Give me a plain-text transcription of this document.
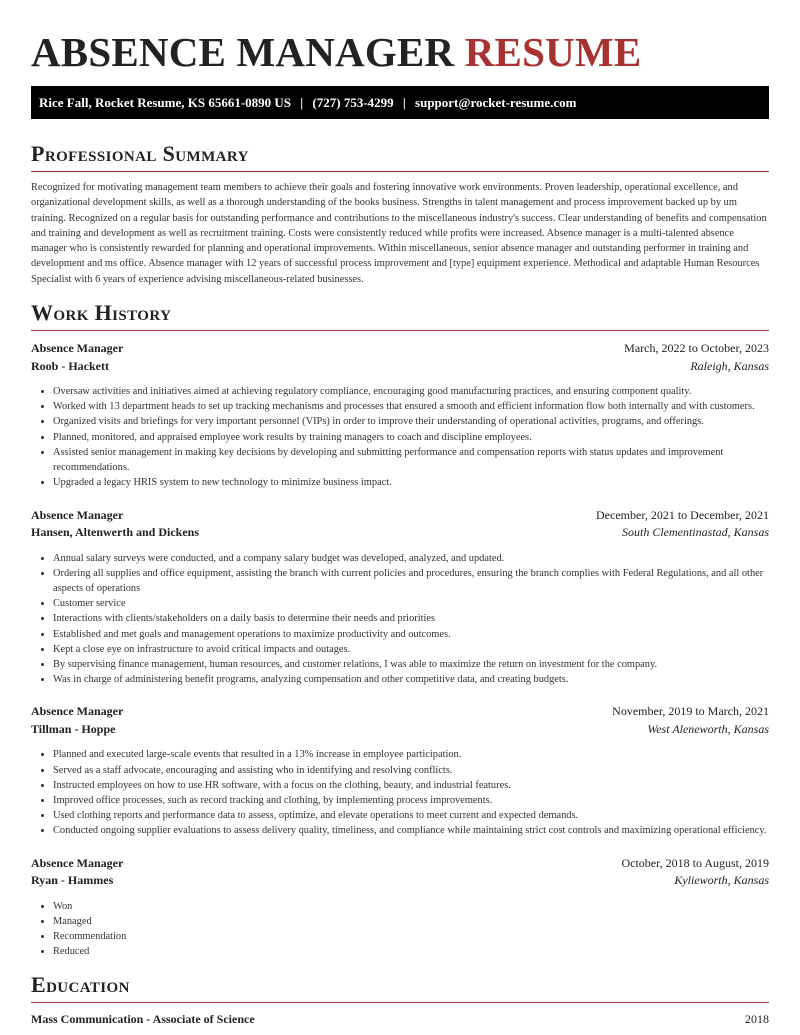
ABSENCE MANAGER RESUME
Rice Fall, Rocket Resume, KS 65661-0890 US | (727) 753-4299 | support@rocket-resume.com
Professional Summary

Recognized for motivating management team members to achieve their goals and fostering innovative work environments. Proven leadership, operational excellence, and organizational development skills, as well as a thorough understanding of the books business. Strengths in talent management and process improvement backed up by um training. Recognized on a regular basis for outstanding performance and contributions to the miscellaneous industry's success. Clear understanding of benefits and compensation and training and development as well as recruitment training. Costs were consistently reduced while profits were increased. Absence manager is a multi-talented absence manager who is consistently rewarded for planning and operational improvements. Within miscellaneous, senior absence manager and outstanding performer in training and development and ms office. Absence manager with 12 years of successful process improvement and [type] equipment experience. Methodical and adaptable Human Resources Specialist with 6 years of experience advising miscellaneous-related businesses.

Work History
Absence Manager	March, 2022 to October, 2023
Roob - Hackett	Raleigh, Kansas
• Oversaw activities and initiatives aimed at achieving regulatory compliance, encouraging good manufacturing practices, and ensuring component quality.
• Worked with 13 department heads to set up tracking mechanisms and processes that ensured a smooth and efficient information flow both internally and with customers.
• Organized visits and briefings for very important personnel (VIPs) in order to improve their understanding of operational activities, programs, and offerings.
• Planned, monitored, and appraised employee work results by training managers to coach and discipline employees.
• Assisted senior management in making key decisions by developing and submitting performance and compensation reports with status updates and improvement recommendations.
• Upgraded a legacy HRIS system to new technology to minimize business impact.
Absence Manager	December, 2021 to December, 2021
Hansen, Altenwerth and Dickens	South Clementinastad, Kansas
• Annual salary surveys were conducted, and a company salary budget was developed, analyzed, and updated.
• Ordering all supplies and office equipment, assisting the branch with current policies and procedures, ensuring the branch complies with Federal Regulations, and all other aspects of operations
• Customer service
• Interactions with clients/stakeholders on a daily basis to determine their needs and priorities
• Established and met goals and management operations to maximize productivity and outcomes.
• Kept a close eye on infrastructure to avoid critical impacts and outages.
• By supervising finance management, human resources, and customer relations, I was able to maximize the return on investment for the company.
• Was in charge of administering benefit programs, analyzing compensation and other competitive data, and creating budgets.
Absence Manager	November, 2019 to March, 2021
Tillman - Hoppe	West Aleneworth, Kansas
• Planned and executed large-scale events that resulted in a 13% increase in employee participation.
• Served as a staff advocate, encouraging and assisting who in identifying and resolving conflicts.
• Instructed employees on how to use HR software, with a focus on the clothing, beauty, and industrial features.
• Improved office processes, such as record tracking and clothing, by implementing process improvements.
• Used clothing reports and performance data to assess, optimize, and elevate operations to meet current and expected demands.
• Conducted ongoing supplier evaluations to assess delivery quality, timeliness, and compliance while maintaining strict cost controls and maximizing operational efficiency.
Absence Manager	October, 2018 to August, 2019
Ryan - Hammes	Kylieworth, Kansas
• Won
• Managed
• Recommendation
• Reduced
Education
Mass Communication - Associate of Science	2018
